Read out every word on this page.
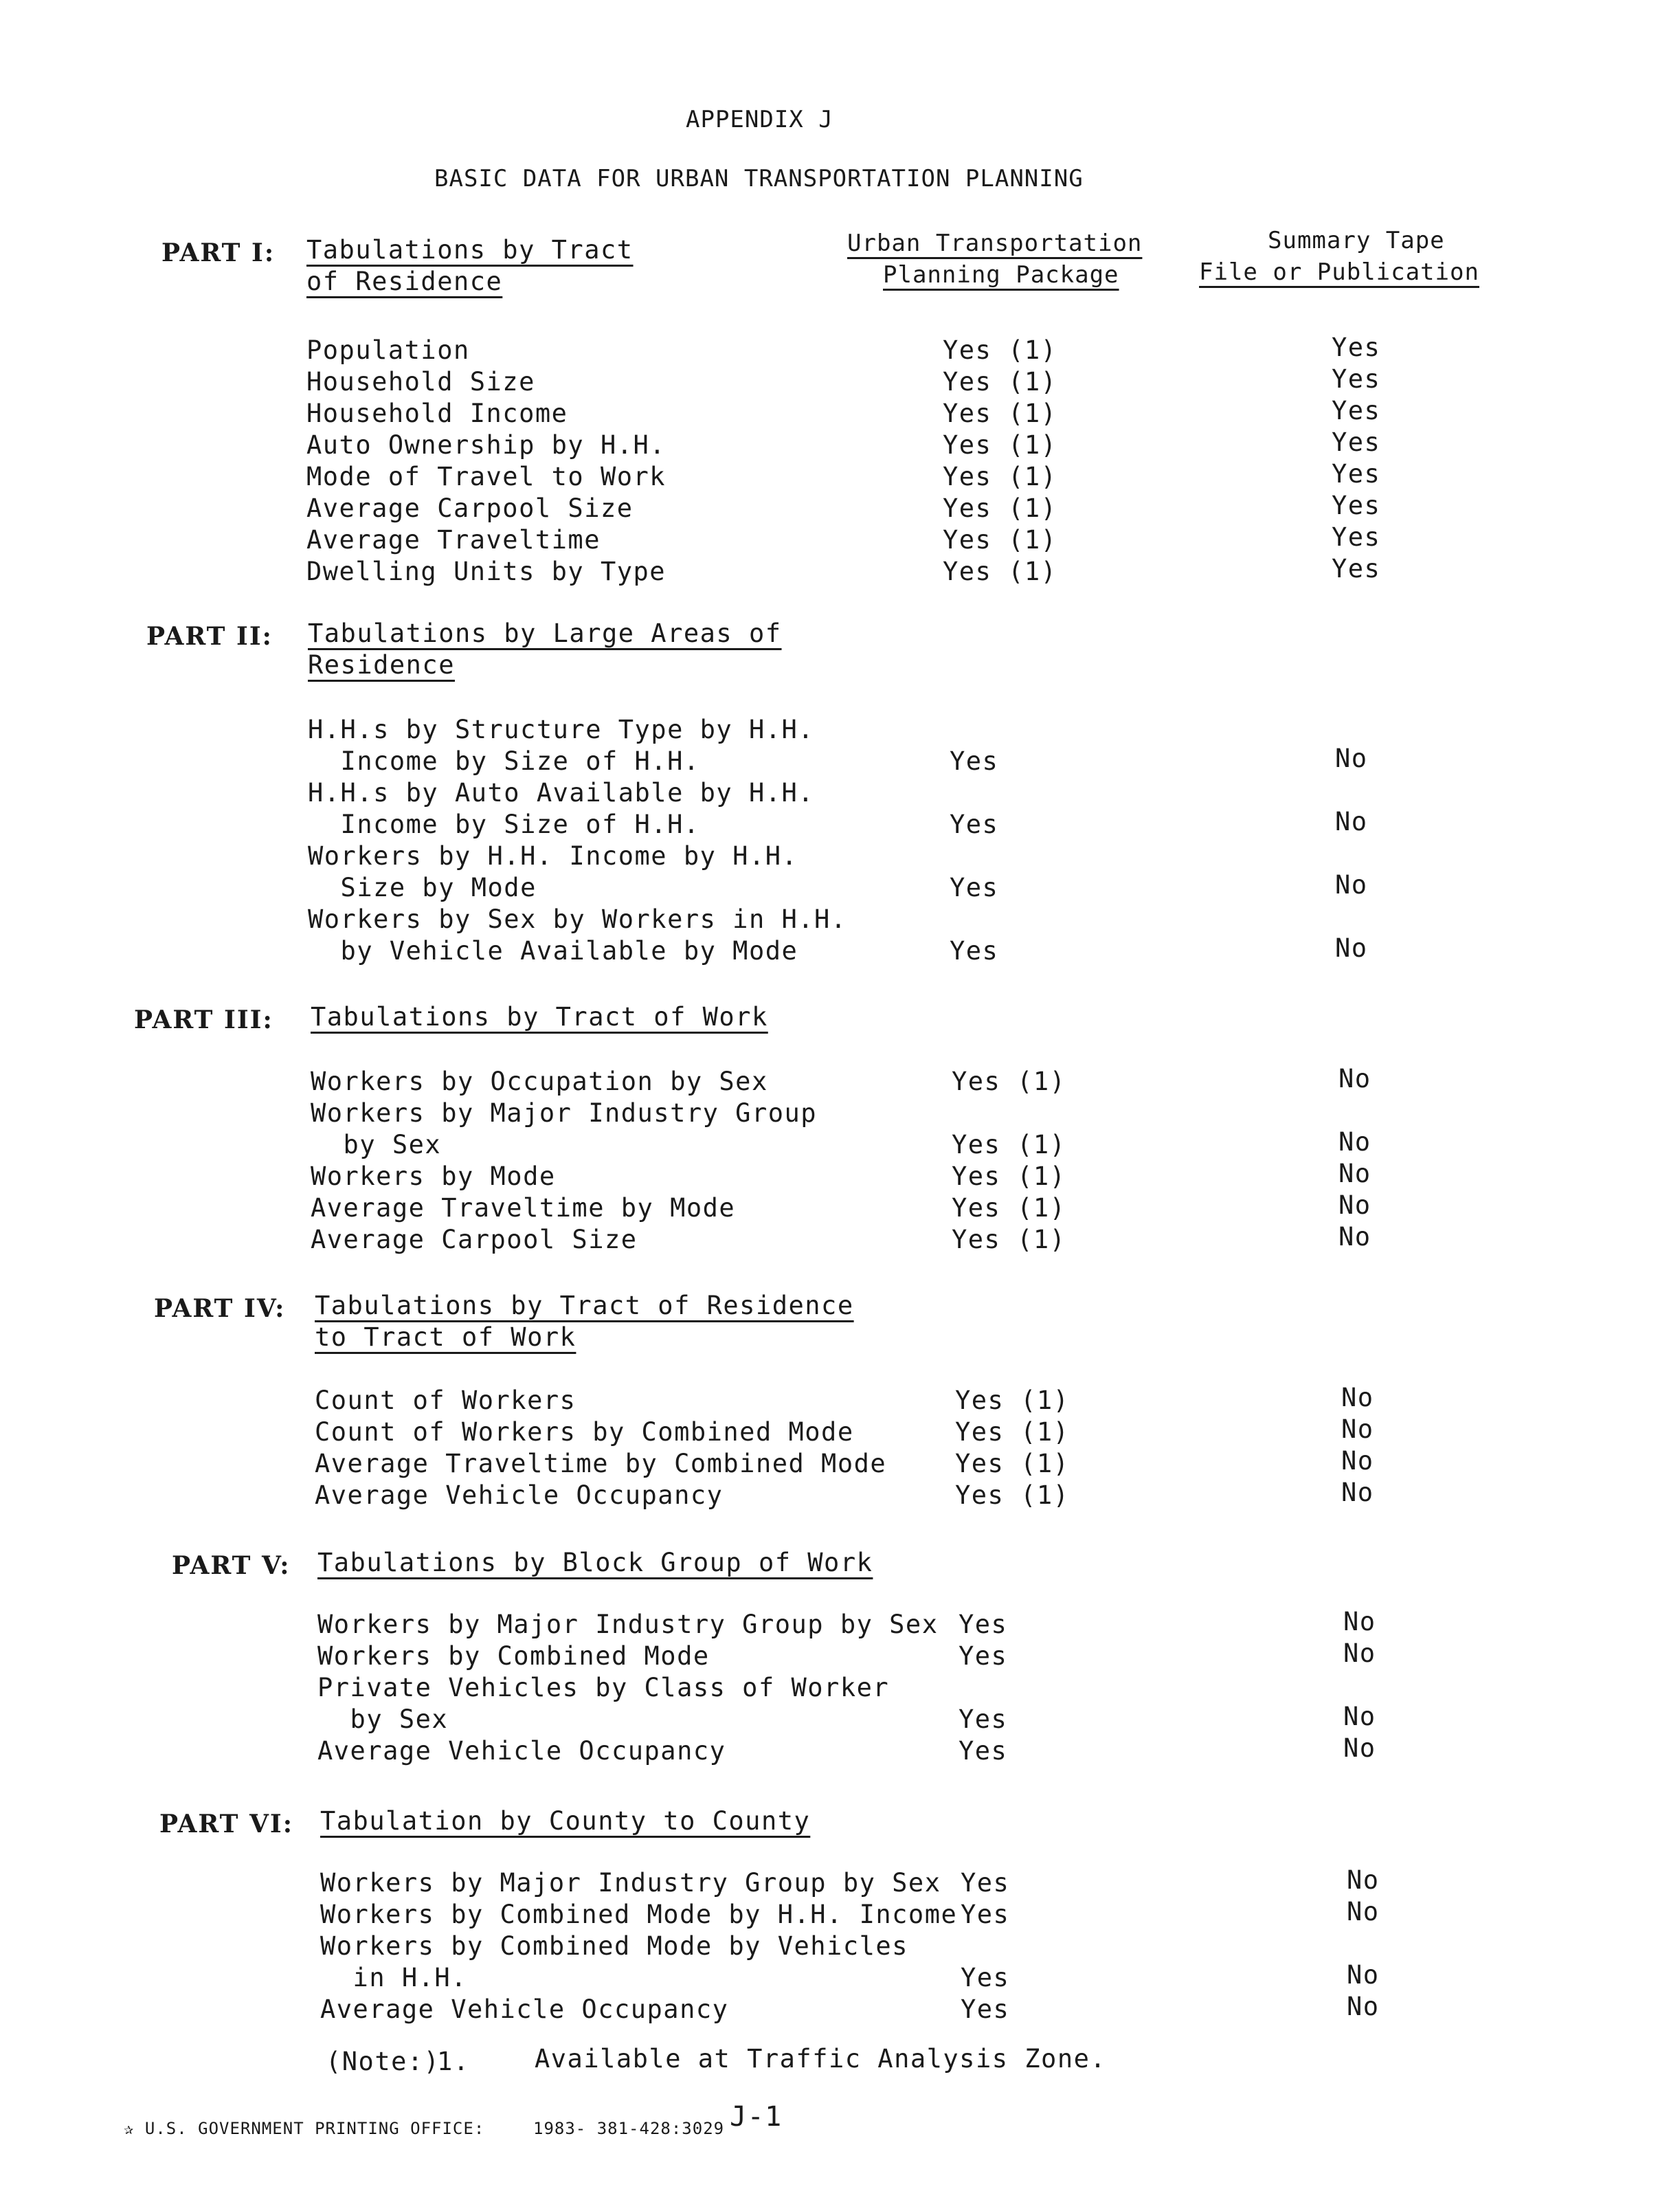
APPENDIX J
BASIC DATA FOR URBAN TRANSPORTATION PLANNING
Urban Transportation
Planning Package
Summary Tape
File or Publication
PART I: Tabulations by Tract
of Residence
Population	Yes (1)	Yes
Household Size	Yes (1)	Yes
Household Income	Yes (1)	Yes
Auto Ownership by H.H.	Yes (1)	Yes
Mode of Travel to Work	Yes (1)	Yes
Average Carpool Size	Yes (1)	Yes
Average Traveltime	Yes (1)	Yes
Dwelling Units by Type	Yes (1)	Yes
PART II: Tabulations by Large Areas of
Residence
H.H.s by Structure Type by H.H.
Income by Size of H.H.	Yes	No
H.H.s by Auto Available by H.H.
Income by Size of H.H.	Yes	No
Workers by H.H. Income by H.H.
Size by Mode	Yes	No
Workers by Sex by Workers in H.H.
by Vehicle Available by Mode	Yes	No
PART III: Tabulations by Tract of Work
Workers by Occupation by Sex	Yes (1)	No
Workers by Major Industry Group
by Sex	Yes (1)	No
Workers by Mode	Yes (1)	No
Average Traveltime by Mode	Yes (1)	No
Average Carpool Size	Yes (1)	No
PART IV: Tabulations by Tract of Residence
to Tract of Work
Count of Workers	Yes (1)	No
Count of Workers by Combined Mode	Yes (1)	No
Average Traveltime by Combined Mode	Yes (1)	No
Average Vehicle Occupancy	Yes (1)	No
PART V: Tabulations by Block Group of Work
Workers by Major Industry Group by Sex Yes	No
Workers by Combined Mode	Yes	No
Private Vehicles by Class of Worker
by Sex	Yes	No
Average Vehicle Occupancy	Yes	No
PART VI: Tabulation by County to County
Workers by Major Industry Group by Sex Yes	No
Workers by Combined Mode by H.H. Income Yes	No
Workers by Combined Mode by Vehicles
in H.H.	Yes	No
Average Vehicle Occupancy	Yes	No
(Note:)
1.	Available at Traffic Analysis Zone.
✰ U.S. GOVERNMENT PRINTING OFFICE:	1983- 381-428:3029 J-1
